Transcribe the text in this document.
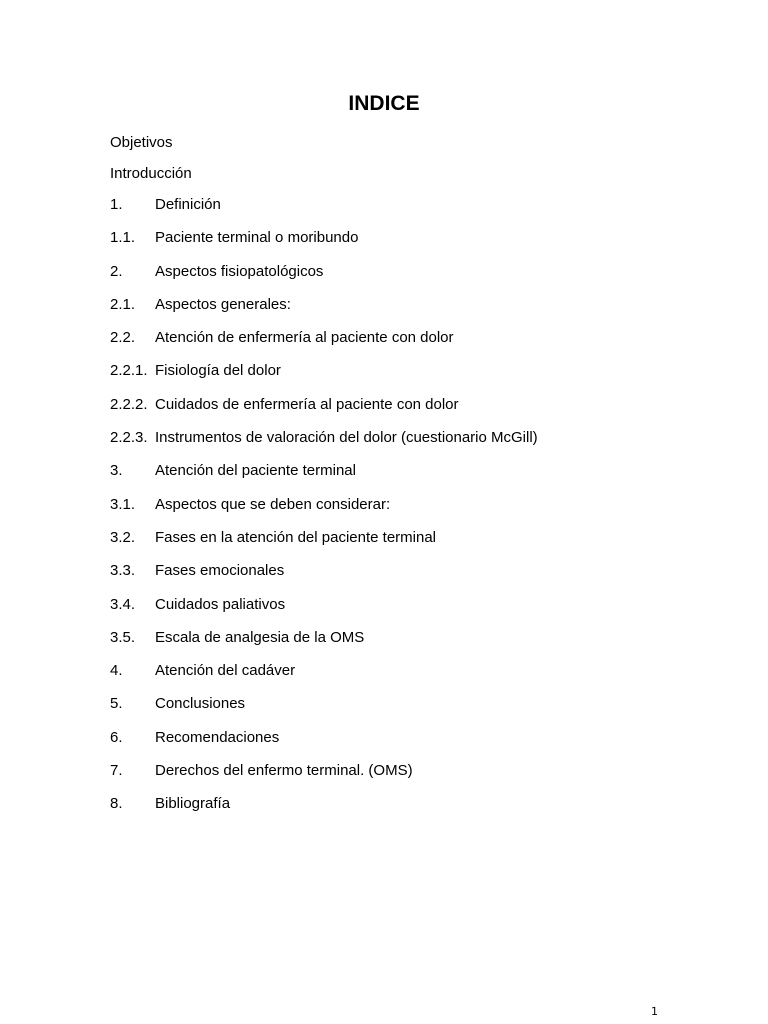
INDICE
Objetivos
Introducción
1. Definición
1.1. Paciente terminal o moribundo
2. Aspectos fisiopatológicos
2.1. Aspectos generales:
2.2. Atención de enfermería al paciente con dolor
2.2.1. Fisiología del dolor
2.2.2. Cuidados de enfermería al paciente con dolor
2.2.3. Instrumentos de valoración del dolor (cuestionario McGill)
3. Atención del paciente terminal
3.1. Aspectos que se deben considerar:
3.2. Fases en la atención del paciente terminal
3.3. Fases emocionales
3.4. Cuidados paliativos
3.5. Escala de analgesia de la OMS
4. Atención del cadáver
5. Conclusiones
6. Recomendaciones
7. Derechos del enfermo terminal. (OMS)
8. Bibliografía
1
